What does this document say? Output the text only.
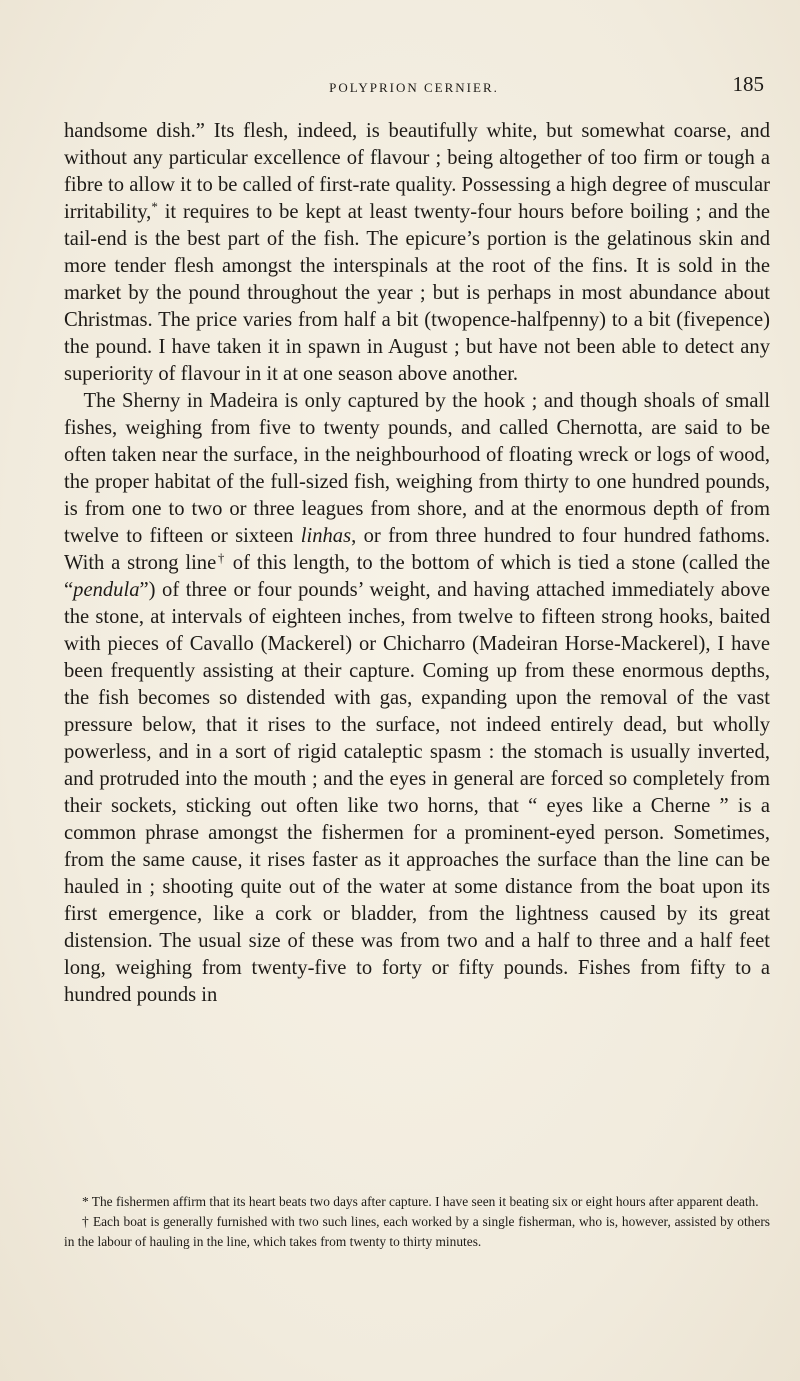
POLYPRION CERNIER.	185

handsome dish.” Its flesh, indeed, is beautifully white, but somewhat coarse, and without any particular excellence of flavour ; being altogether of too firm or tough a fibre to allow it to be called of first-rate quality. Possessing a high degree of muscular irritability,* it requires to be kept at least twenty-four hours before boiling ; and the tail-end is the best part of the fish. The epicure’s portion is the gelatinous skin and more tender flesh amongst the interspinals at the root of the fins. It is sold in the market by the pound throughout the year ; but is perhaps in most abundance about Christmas. The price varies from half a bit (twopence-halfpenny) to a bit (fivepence) the pound. I have taken it in spawn in August ; but have not been able to detect any superiority of flavour in it at one season above another.

The Sherny in Madeira is only captured by the hook ; and though shoals of small fishes, weighing from five to twenty pounds, and called Chernotta, are said to be often taken near the surface, in the neighbourhood of floating wreck or logs of wood, the proper habitat of the full-sized fish, weighing from thirty to one hundred pounds, is from one to two or three leagues from shore, and at the enormous depth of from twelve to fifteen or sixteen linhas, or from three hundred to four hundred fathoms. With a strong line† of this length, to the bottom of which is tied a stone (called the “pendula”) of three or four pounds’ weight, and having attached immediately above the stone, at intervals of eighteen inches, from twelve to fifteen strong hooks, baited with pieces of Cavallo (Mackerel) or Chicharro (Madeiran Horse-Mackerel), I have been frequently assisting at their capture. Coming up from these enormous depths, the fish becomes so distended with gas, expanding upon the removal of the vast pressure below, that it rises to the surface, not indeed entirely dead, but wholly powerless, and in a sort of rigid cataleptic spasm : the stomach is usually inverted, and protruded into the mouth ; and the eyes in general are forced so completely from their sockets, sticking out often like two horns, that “ eyes like a Cherne ” is a common phrase amongst the fishermen for a prominent-eyed person. Sometimes, from the same cause, it rises faster as it approaches the surface than the line can be hauled in ; shooting quite out of the water at some distance from the boat upon its first emergence, like a cork or bladder, from the lightness caused by its great distension. The usual size of these was from two and a half to three and a half feet long, weighing from twenty-five to forty or fifty pounds. Fishes from fifty to a hundred pounds in

* The fishermen affirm that its heart beats two days after capture. I have seen it beating six or eight hours after apparent death.

† Each boat is generally furnished with two such lines, each worked by a single fisherman, who is, however, assisted by others in the labour of hauling in the line, which takes from twenty to thirty minutes.
